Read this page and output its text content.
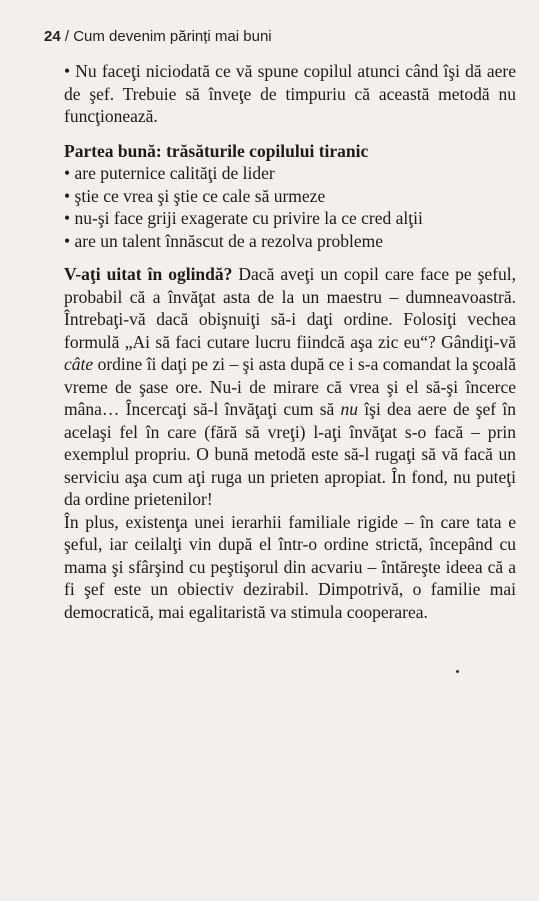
24 / Cum devenim părinți mai buni

• Nu faceţi niciodată ce vă spune copilul atunci când îşi dă aere de şef. Trebuie să înveţe de timpuriu că această metodă nu funcţionează.

Partea bună: trăsăturile copilului tiranic

• are puternice calităţi de lider
• ştie ce vrea şi ştie ce cale să urmeze
• nu-şi face griji exagerate cu privire la ce cred alţii
• are un talent înnăscut de a rezolva probleme

V-aţi uitat în oglindă? Dacă aveţi un copil care face pe şeful, probabil că a învăţat asta de la un maestru – dumneavoastră. Întrebaţi-vă dacă obişnuiţi să-i daţi ordine. Folosiţi vechea formulă „Ai să faci cutare lucru fiindcă aşa zic eu“? Gândiţi-vă câte ordine îi daţi pe zi – şi asta după ce i s-a comandat la şcoală vreme de şase ore. Nu-i de mirare că vrea şi el să-şi încerce mâna… Încercaţi să-l învăţaţi cum să nu îşi dea aere de şef în acelaşi fel în care (fără să vreţi) l-aţi învăţat s-o facă – prin exemplul propriu. O bună metodă este să-l rugaţi să vă facă un serviciu aşa cum aţi ruga un prieten apropiat. În fond, nu puteţi da ordine prietenilor!

În plus, existenţa unei ierarhii familiale rigide – în care tata e şeful, iar ceilalţi vin după el într-o ordine strictă, începând cu mama şi sfârşind cu peştişorul din acvariu – întăreşte ideea că a fi şef este un obiectiv dezirabil. Dimpotrivă, o familie mai democratică, mai egalitaristă va stimula cooperarea.
